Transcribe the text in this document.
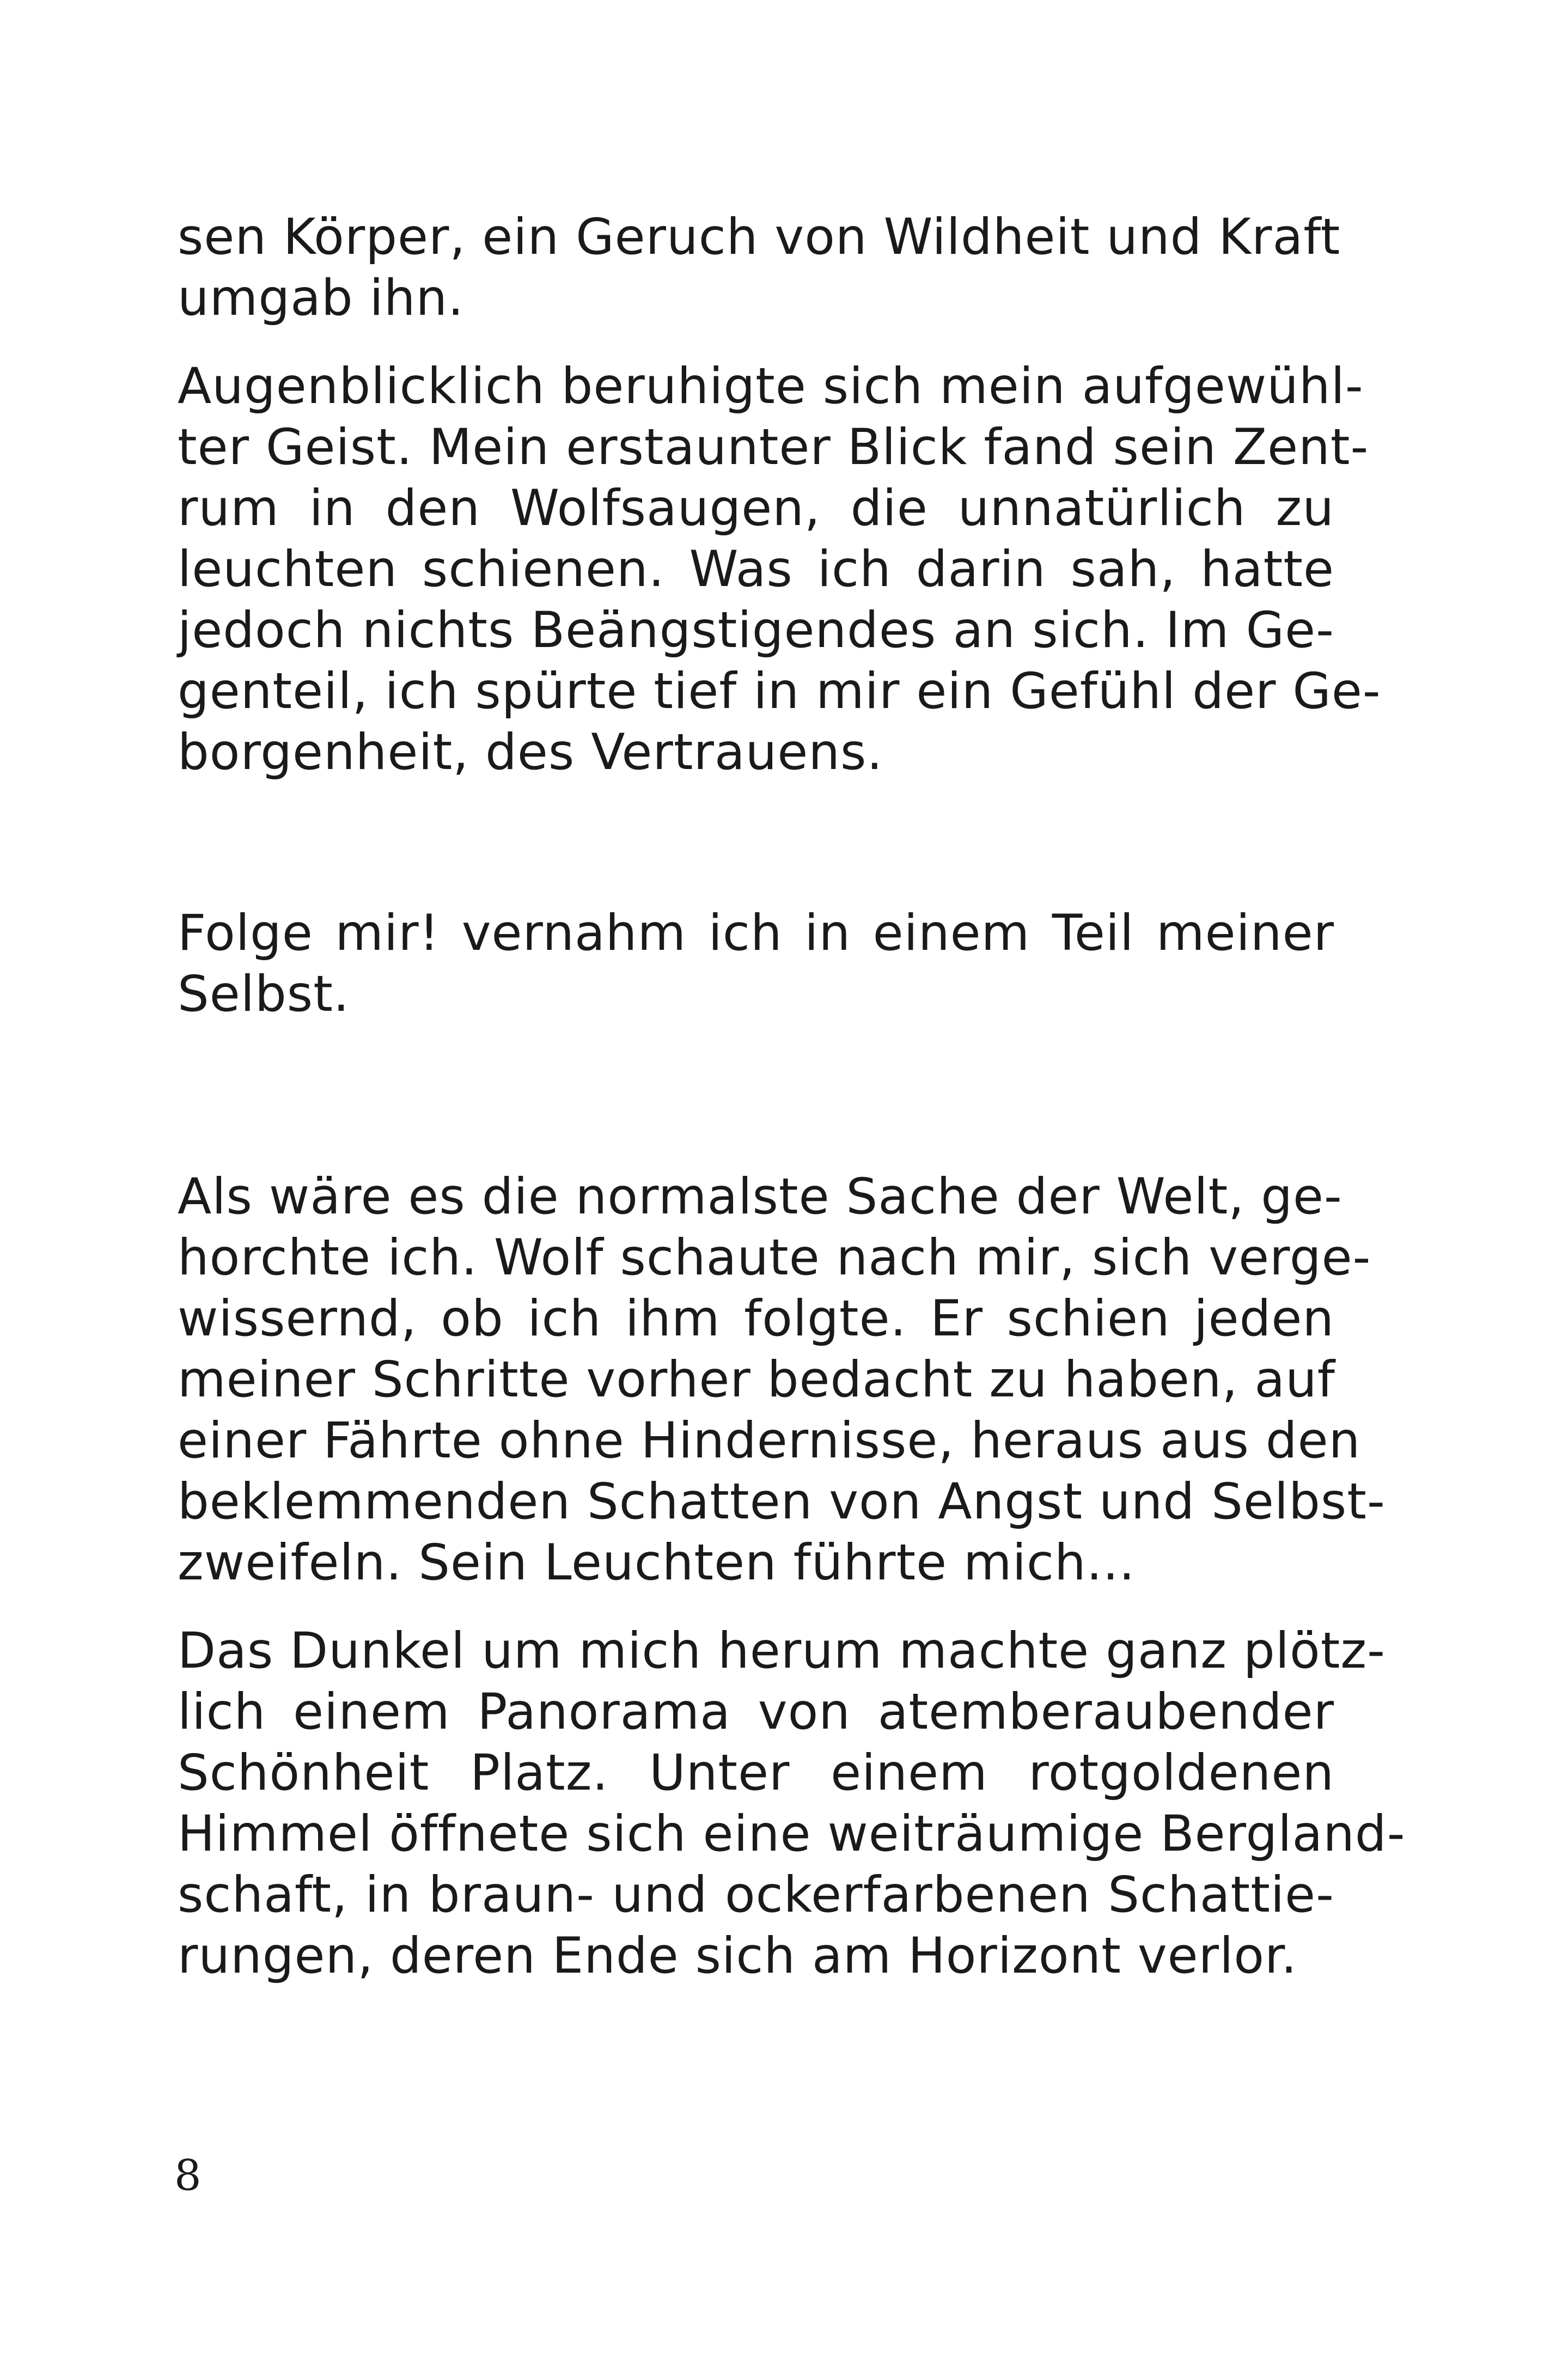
sen Körper, ein Geruch von Wildheit und Kraft
umgab ihn.

Augenblicklich beruhigte sich mein aufgewühl-
ter Geist. Mein erstaunter Blick fand sein Zent-
rum in den Wolfsaugen, die unnatürlich zu
leuchten schienen. Was ich darin sah, hatte
jedoch nichts Beängstigendes an sich. Im Ge-
genteil, ich spürte tief in mir ein Gefühl der Ge-
borgenheit, des Vertrauens.

Folge mir! vernahm ich in einem Teil meiner
Selbst.

Als wäre es die normalste Sache der Welt, ge-
horchte ich. Wolf schaute nach mir, sich verge-
wissernd, ob ich ihm folgte. Er schien jeden
meiner Schritte vorher bedacht zu haben, auf
einer Fährte ohne Hindernisse, heraus aus den
beklemmenden Schatten von Angst und Selbst-
zweifeln. Sein Leuchten führte mich...

Das Dunkel um mich herum machte ganz plötz-
lich einem Panorama von atemberaubender
Schönheit Platz. Unter einem rotgoldenen
Himmel öffnete sich eine weiträumige Bergland-
schaft, in braun- und ockerfarbenen Schattie-
rungen, deren Ende sich am Horizont verlor.

8
